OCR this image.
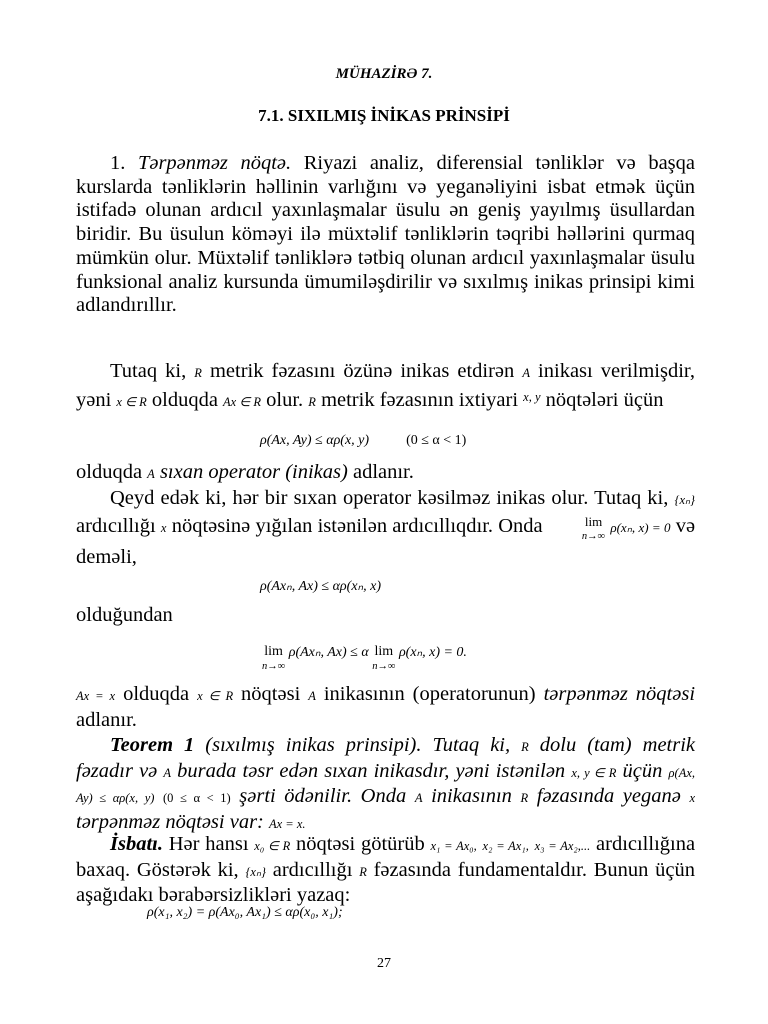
MÜHAZİRƏ 7.
7.1. SIXILMIŞ İNİKAS PRİNSİPİ

1. Tərpənməz nöqtə. Riyazi analiz, diferensial tənliklər və başqa kurslarda tənliklərin həllinin varlığını və yeganəliyini isbat etmək üçün istifadə olunan ardıcıl yaxınlaşmalar üsulu ən geniş yayılmış üsullardan biridir. Bu üsulun köməyi ilə müxtəlif tənliklərin təqribi həllərini qurmaq mümkün olur. Müxtəlif tənliklərə tətbiq olunan ardıcıl yaxınlaşmalar üsulu funksional analiz kursunda ümumiləşdirilir və sıxılmış inikas prinsipi kimi adlandırıllır.

Tutaq ki, R metrik fəzasını özünə inikas etdirən A inikası verilmişdir, yəni x ∈ R olduqda Ax ∈ R olur. R metrik fəzasının ixtiyari $^{x, y}$ nöqtələri üçün

ρ(Ax, Ay) ≤ αρ(x, y)	(0 ≤ α < 1)

olduqda A sıxan operator (inikas) adlanır.

Qeyd edək ki, hər bir sıxan operator kəsilməz inikas olur. Tutaq ki, {xₙ} ardıcıllığı x nöqtəsinə yığılan istənilən ardıcıllıqdır. Onda	lim
n→∞
ρ(xₙ, x) = 0 və deməli,

ρ(Axₙ, Ax) ≤ αρ(xₙ, x)

olduğundan

lim
n→∞
ρ(Axₙ, Ax) ≤ α lim
n→∞
ρ(xₙ, x) = 0.

Ax = x olduqda x ∈ R nöqtəsi A inikasının (operatorunun) tərpənməz nöqtəsi adlanır.

Teorem 1 (sıxılmış inikas prinsipi). Tutaq ki, R dolu (tam) metrik fəzadır və A burada təsr edən sıxan inikasdır, yəni istənilən x, y ∈ R üçün ρ(Ax, Ay) ≤ αρ(x, y) (0 ≤ α < 1) şərti ödənilir. Onda A inikasının R fəzasında yeganə x tərpənməz nöqtəsi var: Ax = x.

İsbatı. Hər hansı x₀ ∈ R nöqtəsi götürüb x₁ = Ax₀, x₂ = Ax₁, x₃ = Ax₂,... ardıcıllığına baxaq. Göstərək ki, {xₙ} ardıcıllığı R fəzasında fundamentaldır. Bunun üçün aşağıdakı bərabərsizlikləri yazaq:

ρ(x₁, x₂) = ρ(Ax₀, Ax₁) ≤ αρ(x₀, x₁);
27
